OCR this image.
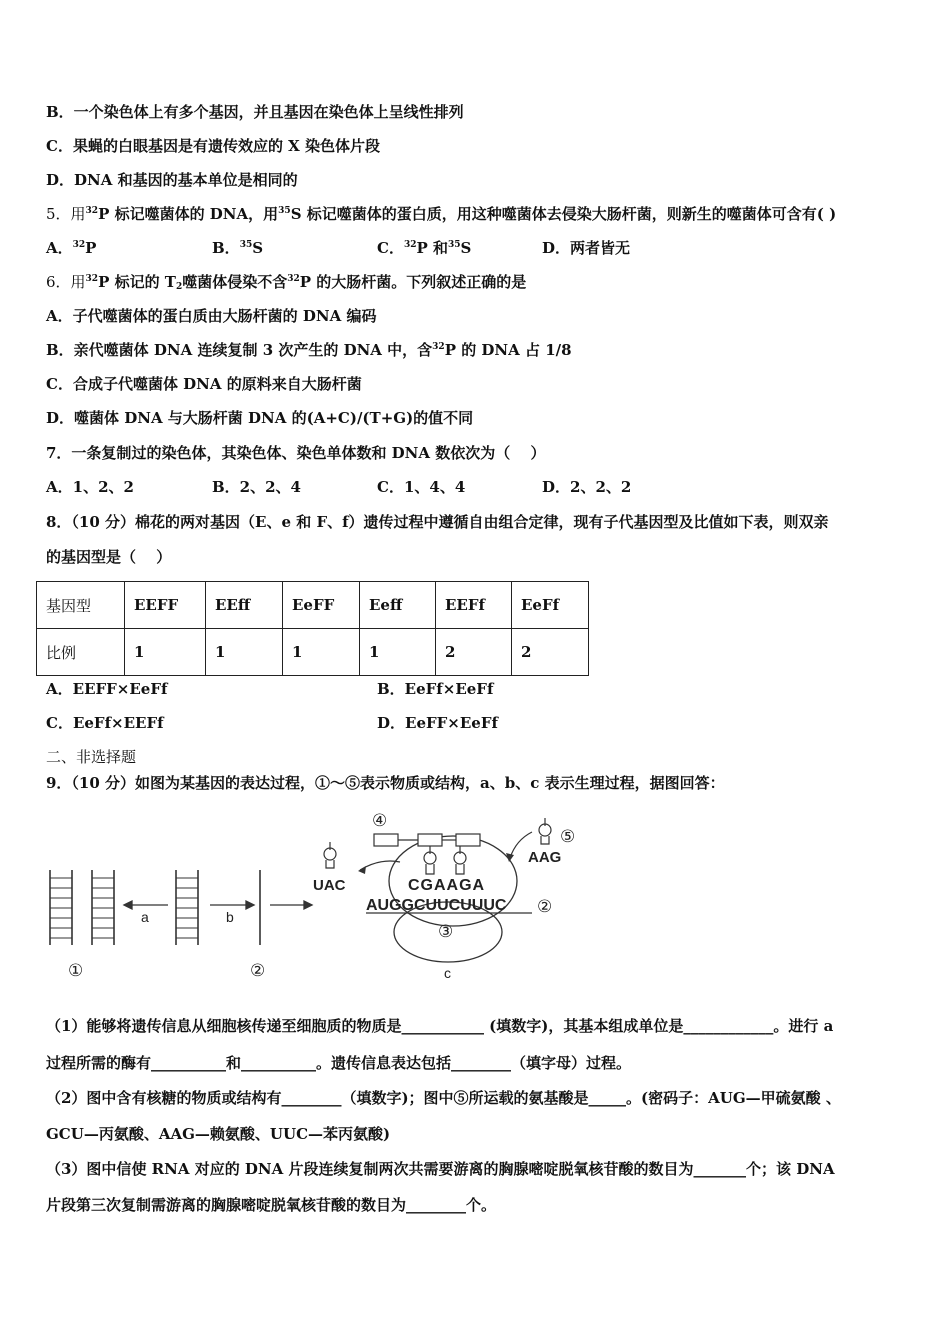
B．一个染色体上有多个基因，并且基因在染色体上呈线性排列
C．果蝇的白眼基因是有遗传效应的 X 染色体片段
D．DNA 和基因的基本单位是相同的
5．用$^{32}$P 标记噬菌体的 DNA，用$^{35}$S 标记噬菌体的蛋白质，用这种噬菌体去侵染大肠杆菌，则新生的噬菌体可含有( )
A．$^{32}$P	B．$^{35}$S	C．$^{32}$P 和$^{35}$S	D．两者皆无
6．用$^{32}$P 标记的 $T_2$噬菌体侵染不含$^{32}$P 的大肠杆菌。下列叙述正确的是
A．子代噬菌体的蛋白质由大肠杆菌的 DNA 编码
B．亲代噬菌体 DNA 连续复制 3 次产生的 DNA 中，含$^{32}$P 的 DNA 占 1/8
C．合成子代噬菌体 DNA 的原料来自大肠杆菌
D．噬菌体 DNA 与大肠杆菌 DNA 的(A+C)/(T+G)的值不同
7．一条复制过的染色体，其染色体、染色单体数和 DNA 数依次为（　 ）
A．1、2、2	B．2、2、4	C．1、4、4	D．2、2、2
8．（10 分）棉花的两对基因（E、e 和 F、f）遗传过程中遵循自由组合定律，现有子代基因型及比值如下表，则双亲
的基因型是（　 ）
基因型	EEFF	EEff	EeFF	Eeff	EEFf	EeFf
比例	1	1	1	1	2	2
A．EEFF×EeFf	B．EeFf×EeFf
C．EeFf×EEFf	D．EeFF×EeFf
二、非选择题
9．（10 分）如图为某基因的表达过程，①～⑤表示物质或结构，a、b、c 表示生理过程，据图回答：
a	b
①	②
③
c
④
UAC
⑤
AAG
CGAAGA
AUGGCUUCUUUC ②
（1）能够将遗传信息从细胞核传递至细胞质的物质是___________ (填数字)，其基本组成单位是____________。进行 a
过程所需的酶有__________和__________。遗传信息表达包括________（填字母）过程。
（2）图中含有核糖的物质或结构有________（填数字)；图中⑤所运载的氨基酸是_____。(密码子：AUG—甲硫氨酸 、
GCU—丙氨酸、AAG—赖氨酸、UUC—苯丙氨酸)
（3）图中信使 RNA 对应的 DNA 片段连续复制两次共需要游离的胸腺嘧啶脱氧核苷酸的数目为_______个；该 DNA
片段第三次复制需游离的胸腺嘧啶脱氧核苷酸的数目为________个。
